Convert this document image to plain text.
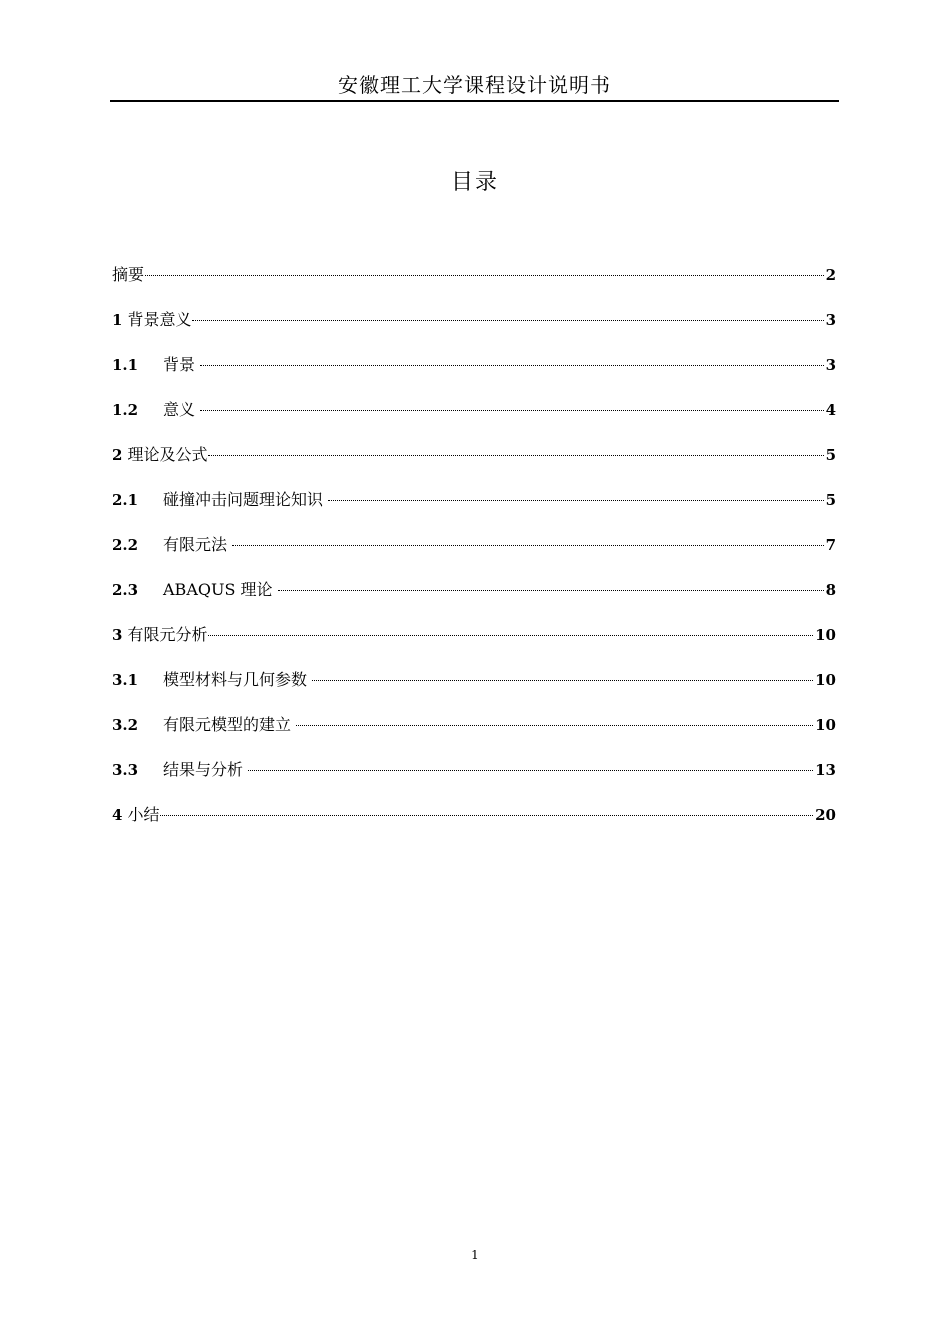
安徽理工大学课程设计说明书
目录
摘要	2
1 背景意义	3
1.1	背景	3
1.2	意义	4
2 理论及公式	5
2.1	碰撞冲击问题理论知识	5
2.2	有限元法	7
2.3	ABAQUS 理论	8
3 有限元分析	10
3.1	模型材料与几何参数	10
3.2	有限元模型的建立	10
3.3	结果与分析	13
4 小结	20
1
